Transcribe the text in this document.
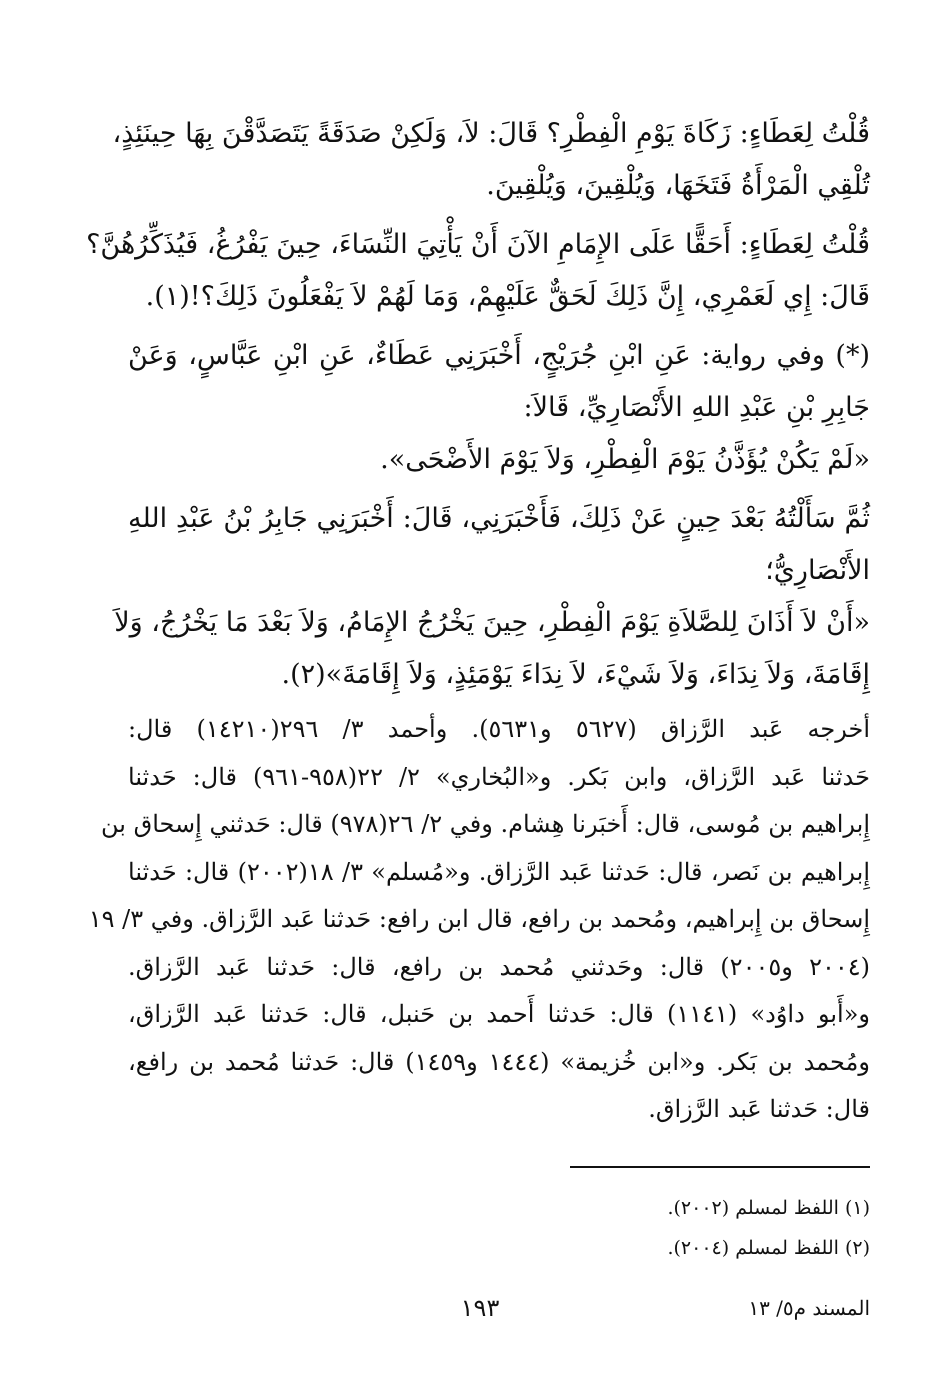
قُلْتُ لِعَطَاءٍ: زَكَاةَ يَوْمِ الْفِطْرِ؟ قَالَ: لاَ، وَلَكِنْ صَدَقَةً يَتَصَدَّقْنَ بِهَا حِينَئِذٍ،
تُلْقِي الْمَرْأَةُ فَتَخَهَا، وَيُلْقِينَ، وَيُلْقِينَ.
قُلْتُ لِعَطَاءٍ: أَحَقًّا عَلَى الإِمَامِ الآنَ أَنْ يَأْتِيَ النِّسَاءَ، حِينَ يَفْرُغُ، فَيُذَكِّرُهُنَّ؟
قَالَ: إِي لَعَمْرِي، إِنَّ ذَلِكَ لَحَقٌّ عَلَيْهِمْ، وَمَا لَهُمْ لاَ يَفْعَلُونَ ذَلِكَ؟!(١).
(*) وفي رواية: عَنِ ابْنِ جُرَيْجٍ، أَخْبَرَنِي عَطَاءٌ، عَنِ ابْنِ عَبَّاسٍ، وَعَنْ
جَابِرِ بْنِ عَبْدِ اللهِ الأَنْصَارِيِّ، قَالاَ:
«لَمْ يَكُنْ يُؤَذَّنُ يَوْمَ الْفِطْرِ، وَلاَ يَوْمَ الأَضْحَى».
ثُمَّ سَأَلْتُهُ بَعْدَ حِينٍ عَنْ ذَلِكَ، فَأَخْبَرَنِي، قَالَ: أَخْبَرَنِي جَابِرُ بْنُ عَبْدِ اللهِ
الأَنْصَارِيُّ؛
«أَنْ لاَ أَذَانَ لِلصَّلاَةِ يَوْمَ الْفِطْرِ، حِينَ يَخْرُجُ الإِمَامُ، وَلاَ بَعْدَ مَا يَخْرُجُ، وَلاَ
إِقَامَةَ، وَلاَ نِدَاءَ، وَلاَ شَيْءَ، لاَ نِدَاءَ يَوْمَئِذٍ، وَلاَ إِقَامَةَ»(٢).
أخرجه عَبد الرَّزاق (٥٦٢٧ و٥٦٣١). وأحمد ٣/ ٢٩٦(١٤٢١٠) قال:
حَدثنا عَبد الرَّزاق، وابن بَكر. و«البُخاري» ٢/ ٢٢(٩٥٨-٩٦١) قال: حَدثنا
إِبراهيم بن مُوسى، قال: أَخبَرنا هِشام. وفي ٢/ ٢٦(٩٧٨) قال: حَدثني إِسحاق بن
إِبراهيم بن نَصر، قال: حَدثنا عَبد الرَّزاق. و«مُسلم» ٣/ ١٨(٢٠٠٢) قال: حَدثنا
إِسحاق بن إِبراهيم، ومُحمد بن رافع، قال ابن رافع: حَدثنا عَبد الرَّزاق. وفي ٣/ ١٩
(٢٠٠٤ و٢٠٠٥) قال: وحَدثني مُحمد بن رافع، قال: حَدثنا عَبد الرَّزاق.
و«أَبو داوُد» (١١٤١) قال: حَدثنا أَحمد بن حَنبل، قال: حَدثنا عَبد الرَّزاق،
ومُحمد بن بَكر. و«ابن خُزيمة» (١٤٤٤ و١٤٥٩) قال: حَدثنا مُحمد بن رافع،
قال: حَدثنا عَبد الرَّزاق.
(١) اللفظ لمسلم (٢٠٠٢).
(٢) اللفظ لمسلم (٢٠٠٤).
المسند م٥/ ١٣
١٩٣
